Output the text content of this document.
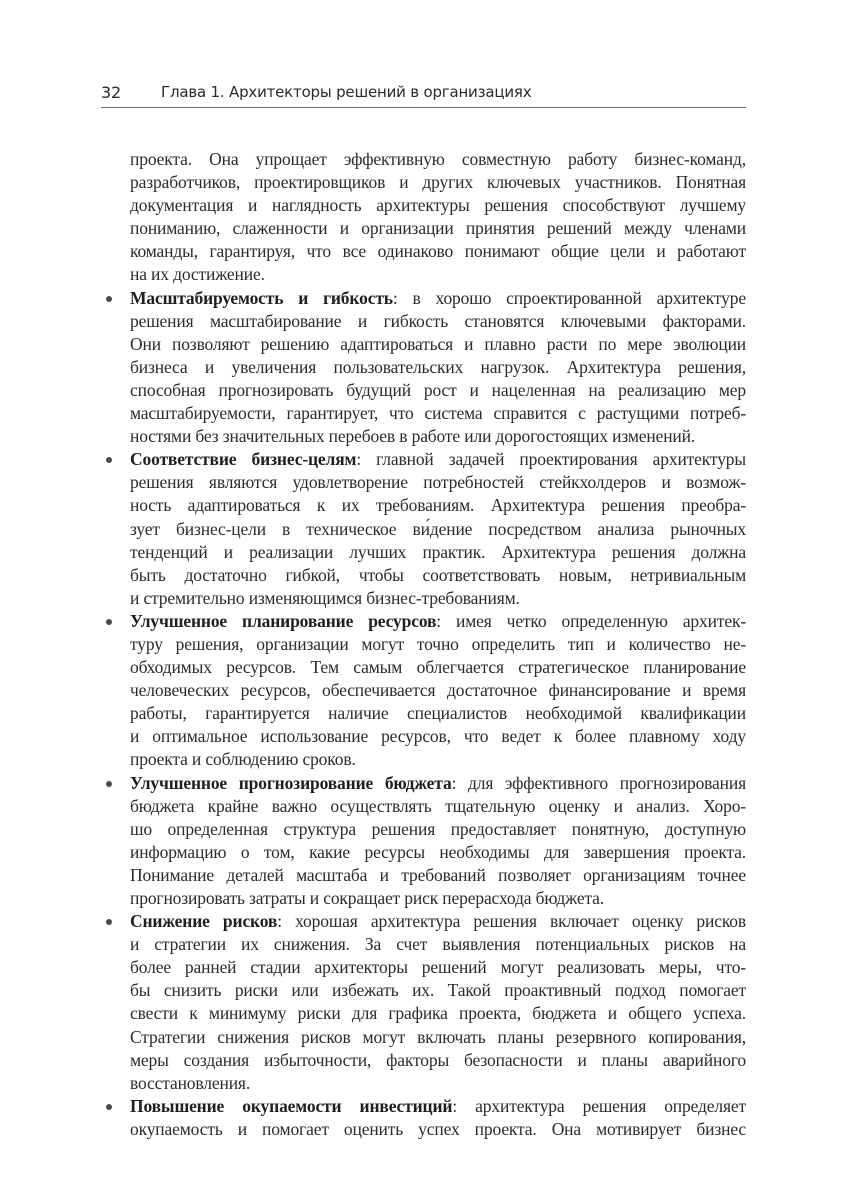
32	Глава 1. Архитекторы решений в организациях
проекта. Она упрощает эффективную совместную работу бизнес-команд,
разработчиков, проектировщиков и других ключевых участников. Понятная
документация и наглядность архитектуры решения способствуют лучшему
пониманию, слаженности и организации принятия решений между членами
команды, гарантируя, что все одинаково понимают общие цели и работают
на их достижение.
Масштабируемость и гибкость: в хорошо спроектированной архитектуре
решения масштабирование и гибкость становятся ключевыми факторами.
Они позволяют решению адаптироваться и плавно расти по мере эволюции
бизнеса и увеличения пользовательских нагрузок. Архитектура решения,
способная прогнозировать будущий рост и нацеленная на реализацию мер
масштабируемости, гарантирует, что система справится с растущими потреб-
ностями без значительных перебоев в работе или дорогостоящих изменений.
Соответствие бизнес-целям: главной задачей проектирования архитектуры
решения являются удовлетворение потребностей стейкхолдеров и возмож-
ность адаптироваться к их требованиям. Архитектура решения преобра-
зует бизнес-цели в техническое ви́дение посредством анализа рыночных
тенденций и реализации лучших практик. Архитектура решения должна
быть достаточно гибкой, чтобы соответствовать новым, нетривиальным
и стремительно изменяющимся бизнес-требованиям.
Улучшенное планирование ресурсов: имея четко определенную архитек-
туру решения, организации могут точно определить тип и количество не-
обходимых ресурсов. Тем самым облегчается стратегическое планирование
человеческих ресурсов, обеспечивается достаточное финансирование и время
работы, гарантируется наличие специалистов необходимой квалификации
и оптимальное использование ресурсов, что ведет к более плавному ходу
проекта и соблюдению сроков.
Улучшенное прогнозирование бюджета: для эффективного прогнозирования
бюджета крайне важно осуществлять тщательную оценку и анализ. Хоро-
шо определенная структура решения предоставляет понятную, доступную
информацию о том, какие ресурсы необходимы для завершения проекта.
Понимание деталей масштаба и требований позволяет организациям точнее
прогнозировать затраты и сокращает риск перерасхода бюджета.
Снижение рисков: хорошая архитектура решения включает оценку рисков
и стратегии их снижения. За счет выявления потенциальных рисков на
более ранней стадии архитекторы решений могут реализовать меры, что-
бы снизить риски или избежать их. Такой проактивный подход помогает
свести к минимуму риски для графика проекта, бюджета и общего успеха.
Стратегии снижения рисков могут включать планы резервного копирования,
меры создания избыточности, факторы безопасности и планы аварийного
восстановления.
Повышение окупаемости инвестиций: архитектура решения определяет
окупаемость и помогает оценить успех проекта. Она мотивирует бизнес
